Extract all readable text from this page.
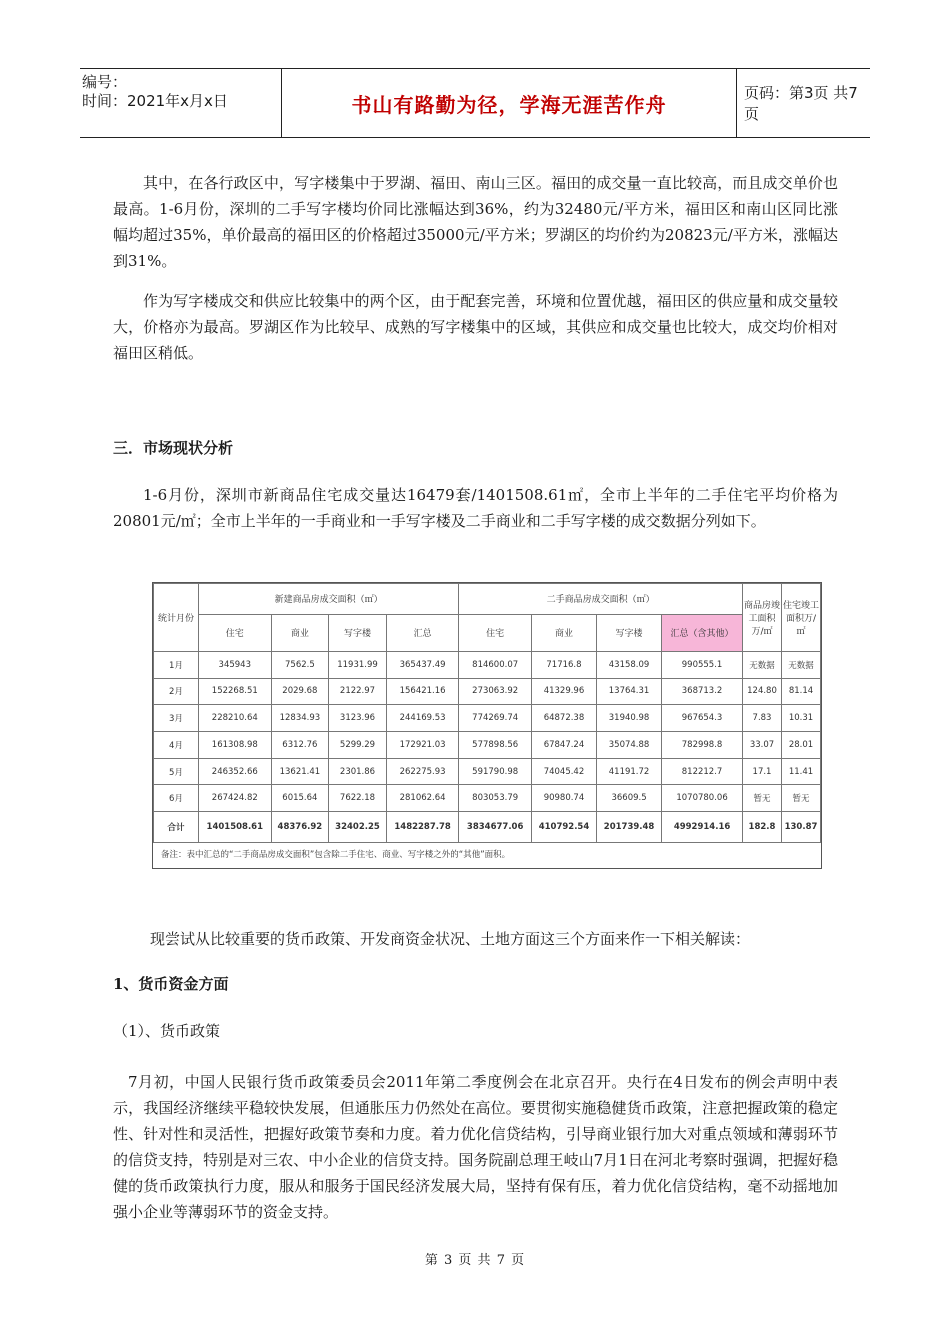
编号：
时间：2021年x月x日	书山有路勤为径，学海无涯苦作舟	页码：第3页 共7页

其中，在各行政区中，写字楼集中于罗湖、福田、南山三区。福田的成交量一直比较高，而且成交单价也最高。1-6月份，深圳的二手写字楼均价同比涨幅达到36%，约为32480元/平方米，福田区和南山区同比涨幅均超过35%，单价最高的福田区的价格超过35000元/平方米；罗湖区的均价约为20823元/平方米，涨幅达到31%。

作为写字楼成交和供应比较集中的两个区，由于配套完善，环境和位置优越，福田区的供应量和成交量较大，价格亦为最高。罗湖区作为比较早、成熟的写字楼集中的区域，其供应和成交量也比较大，成交均价相对福田区稍低。

三．市场现状分析

1-6月份，深圳市新商品住宅成交量达16479套/1401508.61㎡，全市上半年的二手住宅平均价格为20801元/㎡；全市上半年的一手商业和一手写字楼及二手商业和二手写字楼的成交数据分列如下。

统计月份	新建商品房成交面积（㎡）				二手商品房成交面积（㎡）				商品房竣工面积万/㎡	住宅竣工面积万/㎡
	住宅	商业	写字楼	汇总	住宅	商业	写字楼	汇总（含其他）		
1月	345943	7562.5	11931.99	365437.49	814600.07	71716.8	43158.09	990555.1	无数据	无数据
2月	152268.51	2029.68	2122.97	156421.16	273063.92	41329.96	13764.31	368713.2	124.80	81.14
3月	228210.64	12834.93	3123.96	244169.53	774269.74	64872.38	31940.98	967654.3	7.83	10.31
4月	161308.98	6312.76	5299.29	172921.03	577898.56	67847.24	35074.88	782998.8	33.07	28.01
5月	246352.66	13621.41	2301.86	262275.93	591790.98	74045.42	41191.72	812212.7	17.1	11.41
6月	267424.82	6015.64	7622.18	281062.64	803053.79	90980.74	36609.5	1070780.06	暂无	暂无
合计	1401508.61	48376.92	32402.25	1482287.78	3834677.06	410792.54	201739.48	4992914.16	182.8	130.87
备注：表中汇总的“二手商品房成交面积”包含除二手住宅、商业、写字楼之外的“其他”面积。

现尝试从比较重要的货币政策、开发商资金状况、土地方面这三个方面来作一下相关解读：

1、货币资金方面

（1）、货币政策

7月初，中国人民银行货币政策委员会2011年第二季度例会在北京召开。央行在4日发布的例会声明中表示，我国经济继续平稳较快发展，但通胀压力仍然处在高位。要贯彻实施稳健货币政策，注意把握政策的稳定性、针对性和灵活性，把握好政策节奏和力度。着力优化信贷结构，引导商业银行加大对重点领域和薄弱环节的信贷支持，特别是对三农、中小企业的信贷支持。国务院副总理王岐山7月1日在河北考察时强调，把握好稳健的货币政策执行力度，服从和服务于国民经济发展大局，坚持有保有压，着力优化信贷结构，毫不动摇地加强小企业等薄弱环节的资金支持。

第 3 页 共 7 页
